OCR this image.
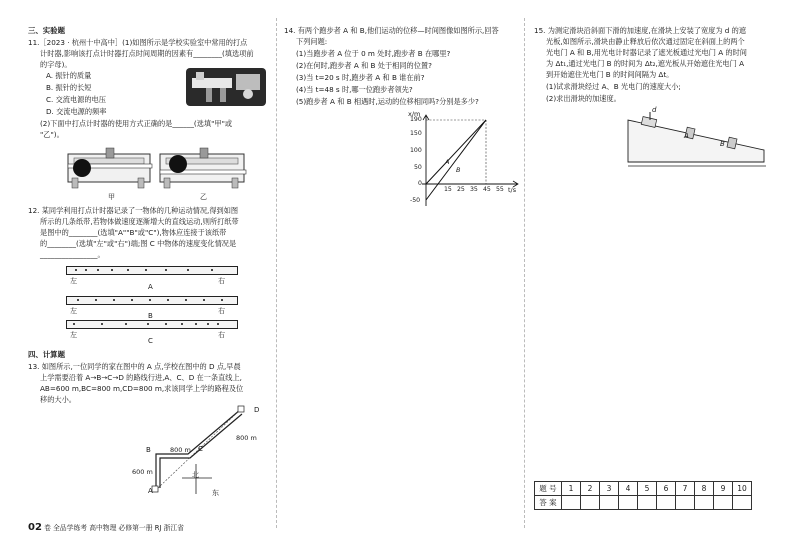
三、实验题
11.［2023 · 杭州十中高中］(1)如图所示是学校实验室中常用的打点
计时器,影响该打点计时器打点时间周期的因素有________(填选项前
的字母)。
A. 振针的质量
B. 振针的长短
C. 交流电源的电压
D. 交流电源的频率
(2)下面中打点计时器的使用方式正确的是______(选填"甲"或
"乙")。
甲	乙
12. 某同学利用打点计时器记录了一物体的几种运动情况,得到如图
所示的几条纸带,若物体做速度逐渐增大的直线运动,则所打纸带
是图中的________(选填"A""B"或"C"),物体应连接于该纸带
的________(选填"左"或"右")端;图 C 中物体的速度变化情况是
________________。
左	右
A
左	右
B
左	右
C
四、计算题
13. 如图所示,一位同学的家在图中的 A 点,学校在图中的 D 点,早晨
上学需要沿着 A→B→C→D 的路线行进,A、C、D 在一条直线上,
AB=600 m,BC=800 m,CD=800 m,求该同学上学的路程及位
移的大小。
A
B	C
D
600 m
800 m
800 m
北
东
14. 有两个跑步者 A 和 B,他们运动的位移—时间图像如图所示,回答
下列问题:
(1)当跑步者 A 位于 0 m 处时,跑步者 B 在哪里?
(2)在何时,跑步者 A 和 B 处于相同的位置?
(3)当 t=20 s 时,跑步者 A 和 B 谁在前?
(4)当 t=48 s 时,哪一位跑步者领先?
(5)跑步者 A 和 B 相遇时,运动的位移相同吗?分别是多少?
x/m
t/s
190
150
100
50
0
-50
15 25 35 45 55
A
B
15. 为测定滑块沿斜面下滑的加速度,在滑块上安装了宽度为 d 的遮
光板,如图所示,滑块由静止释放后依次通过固定在斜面上的两个
光电门 A 和 B,用光电计时器记录了遮光板通过光电门 A 的时间
为 Δt₁,通过光电门 B 的时间为 Δt₂,遮光板从开始遮住光电门 A
到开始遮住光电门 B 的时间间隔为 Δt。
(1)试求滑块经过 A、B 光电门的速度大小;
(2)求出滑块的加速度。
d
A
B
题 号	1	2	3	4	5	6	7	8	9	10
答 案										
02 卷 全品学练考 高中物理 必修第一册 RJ 浙江省
